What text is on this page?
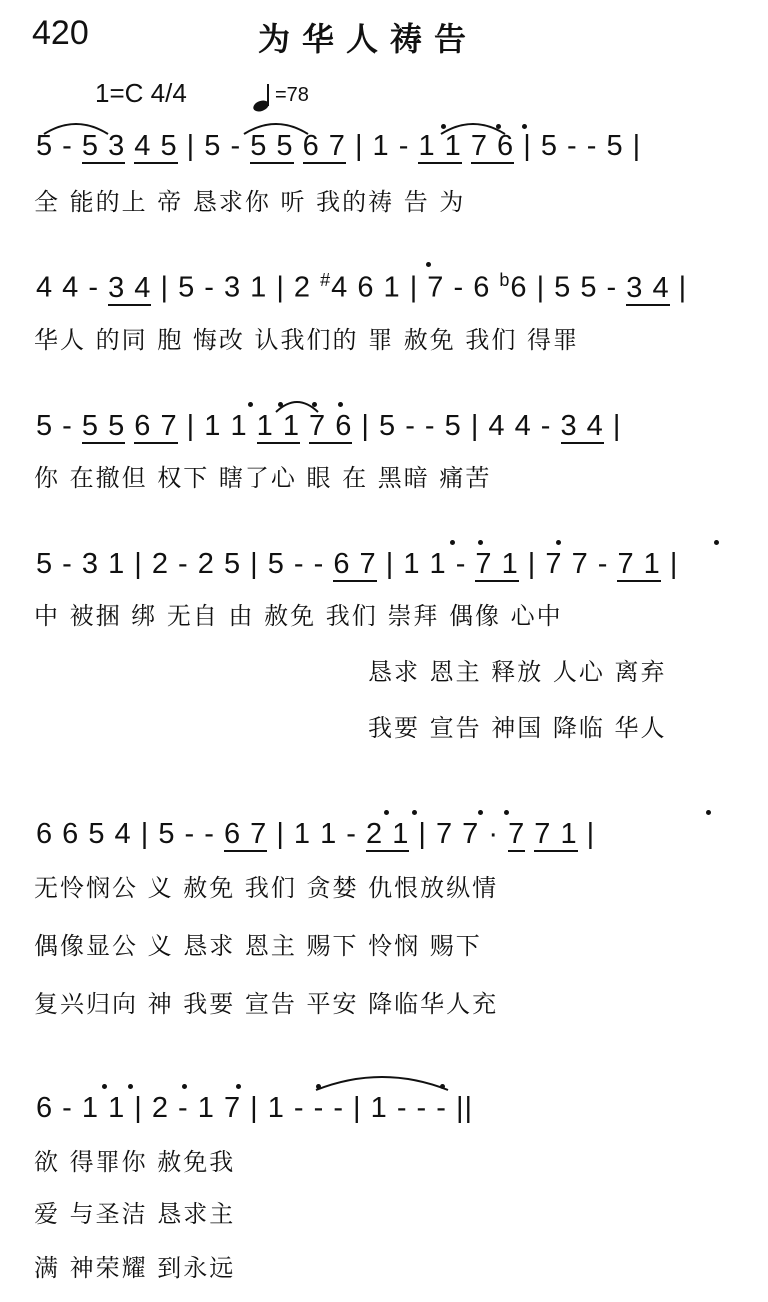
420	为华人祷告
1=C 4/4	=78
5 - 5 3 4 5 | 5 - 5 5 6 7 | 1 - 1 1 7 6 | 5 - - 5 |
全 能的上 帝 恳求你 听 我的祷 告 为
4 4 - 3 4 | 5 - 3 1 | 2 #4 6 1 | 7 - 6 $^b$6 | 5 5 - 3 4 |
华人 的同 胞 悔改 认我们的 罪 赦免 我们 得罪
5 - 5 5 6 7 | 1 1 1 1 7 6 | 5 - - 5 | 4 4 - 3 4 |
你 在撤但 权下 瞎了心 眼 在 黑暗 痛苦
5 - 3 1 | 2 - 2 5 | 5 - - 6 7 | 1 1 - 7 1 | 7 7 - 7 1 |
中 被捆 绑 无自 由 赦免 我们 崇拜 偶像 心中
恳求 恩主 释放 人心 离弃
我要 宣告 神国 降临 华人
6 6 5 4 | 5 - - 6 7 | 1 1 - 2 1 | 7 7 · 7 7 1 |
无怜悯公 义 赦免 我们 贪婪 仇恨放纵情
偶像显公 义 恳求 恩主 赐下 怜悯 赐下
复兴归向 神 我要 宣告 平安 降临华人充
6 - 1 1 | 2 - 1 7 | 1 - - - | 1 - - - ||
欲 得罪你 赦免我
爱 与圣洁 恳求主
满 神荣耀 到永远
